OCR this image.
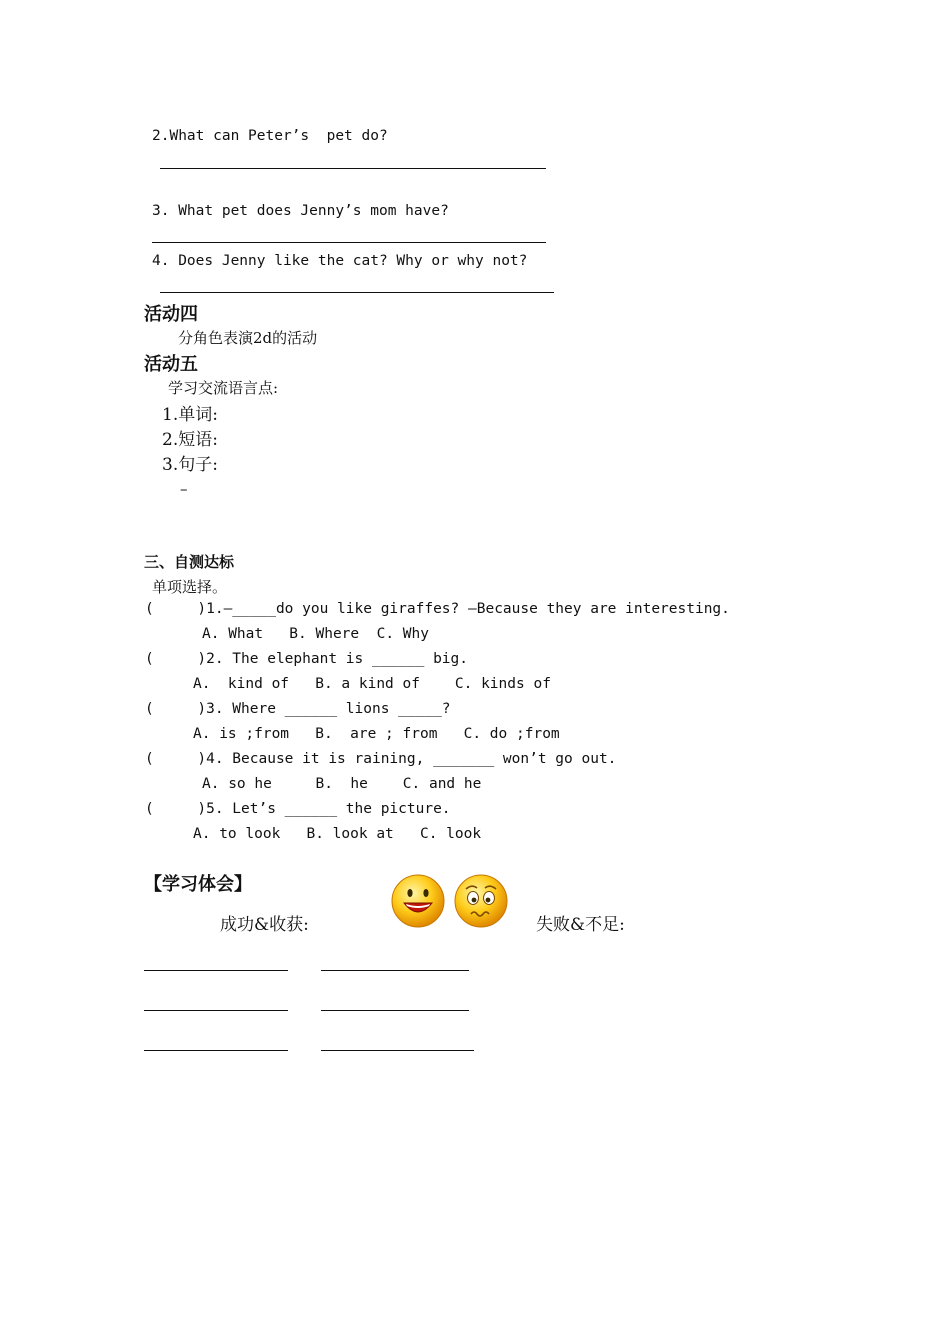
2.What can Peter’s  pet do?
3. What pet does Jenny’s mom have?
4. Does Jenny like the cat? Why or why not?
活动四
分角色表演2d的活动
活动五
学习交流语言点:
1.单词:
2.短语:
3.句子:
–
三、自测达标
单项选择。
(     )1.—_____do you like giraffes? —Because they are interesting.
A. What   B. Where  C. Why
(     )2. The elephant is ______ big.
A.  kind of   B. a kind of    C. kinds of
(     )3. Where ______ lions _____?
A. is ;from   B.  are ; from   C. do ;from
(     )4. Because it is raining, _______ won’t go out.
A. so he     B.  he    C. and he
(     )5. Let’s ______ the picture.
A. to look   B. look at   C. look
【学习体会】
成功&收获:	失败&不足:
